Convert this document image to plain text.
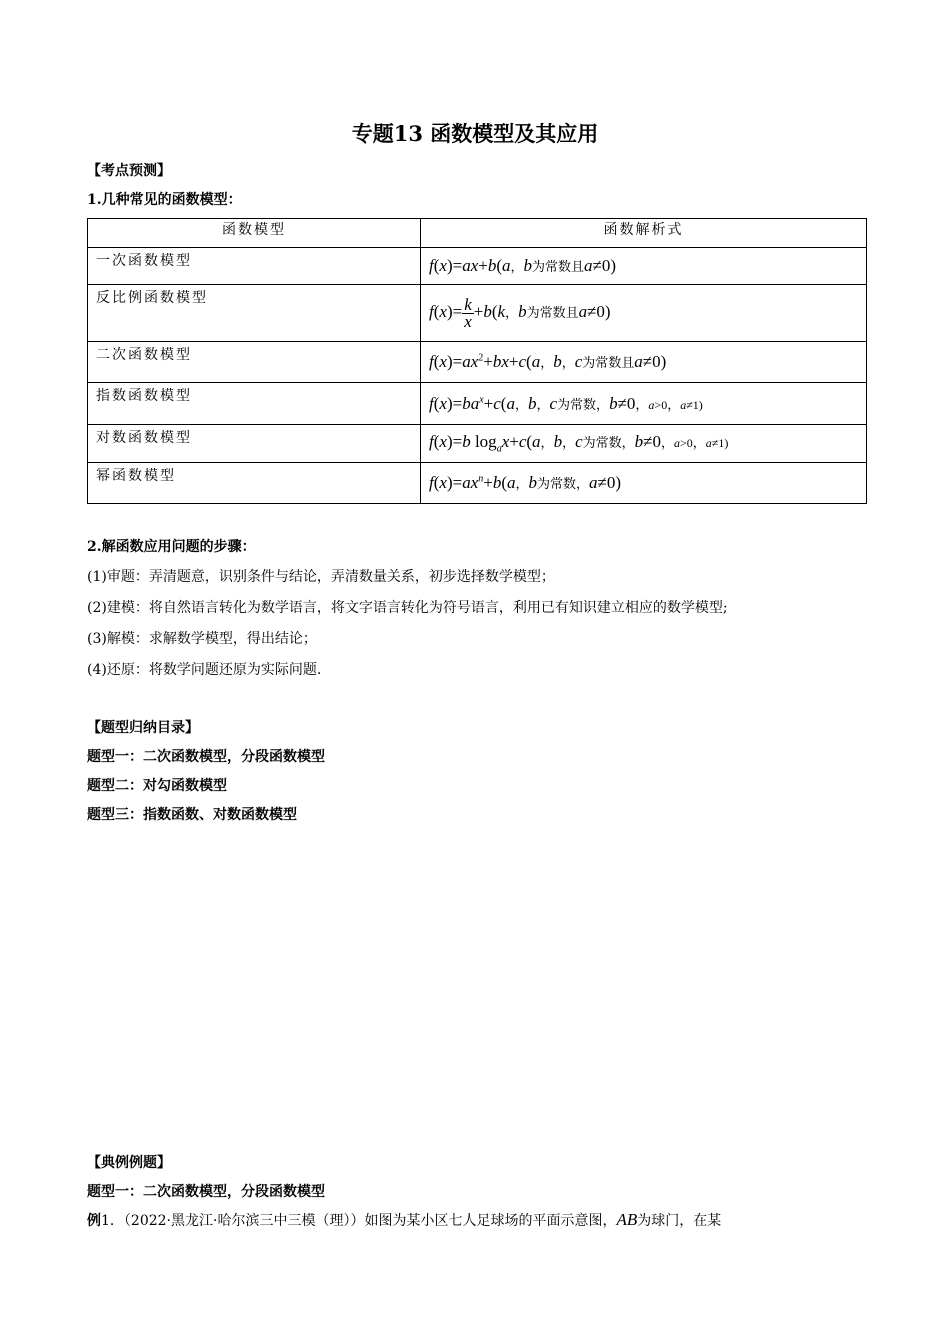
专题13 函数模型及其应用
【考点预测】
1.几种常见的函数模型：
函数模型	函数解析式
一次函数模型	f(x)=ax+b(a，b为常数且a≠0)
反比例函数模型	$f(x)= \frac{k}{x} +b(k$，b为常数且a≠0)
二次函数模型	$f(x)=ax^2+bx+c(a$，b，c为常数且a≠0)
指数函数模型	$f(x)=ba^x+c(a$，b，c为常数，b≠0，a>0，a≠1)
对数函数模型	f(x)=b $\log_ax+c(a$，b，c为常数，b≠0，a>0，a≠1)
幂函数模型	$f(x)=ax^n+b(a$，b为常数，a≠0)
2.解函数应用问题的步骤：
(1)审题：弄清题意，识别条件与结论，弄清数量关系，初步选择数学模型；
(2)建模：将自然语言转化为数学语言，将文字语言转化为符号语言，利用已有知识建立相应的数学模型;
(3)解模：求解数学模型，得出结论；
(4)还原：将数学问题还原为实际问题.
【题型归纳目录】
题型一：二次函数模型，分段函数模型
题型二：对勾函数模型
题型三：指数函数、对数函数模型
【典例例题】
题型一：二次函数模型，分段函数模型
例1．（2022·黑龙江·哈尔滨三中三模（理））如图为某小区七人足球场的平面示意图，AB为球门，在某
